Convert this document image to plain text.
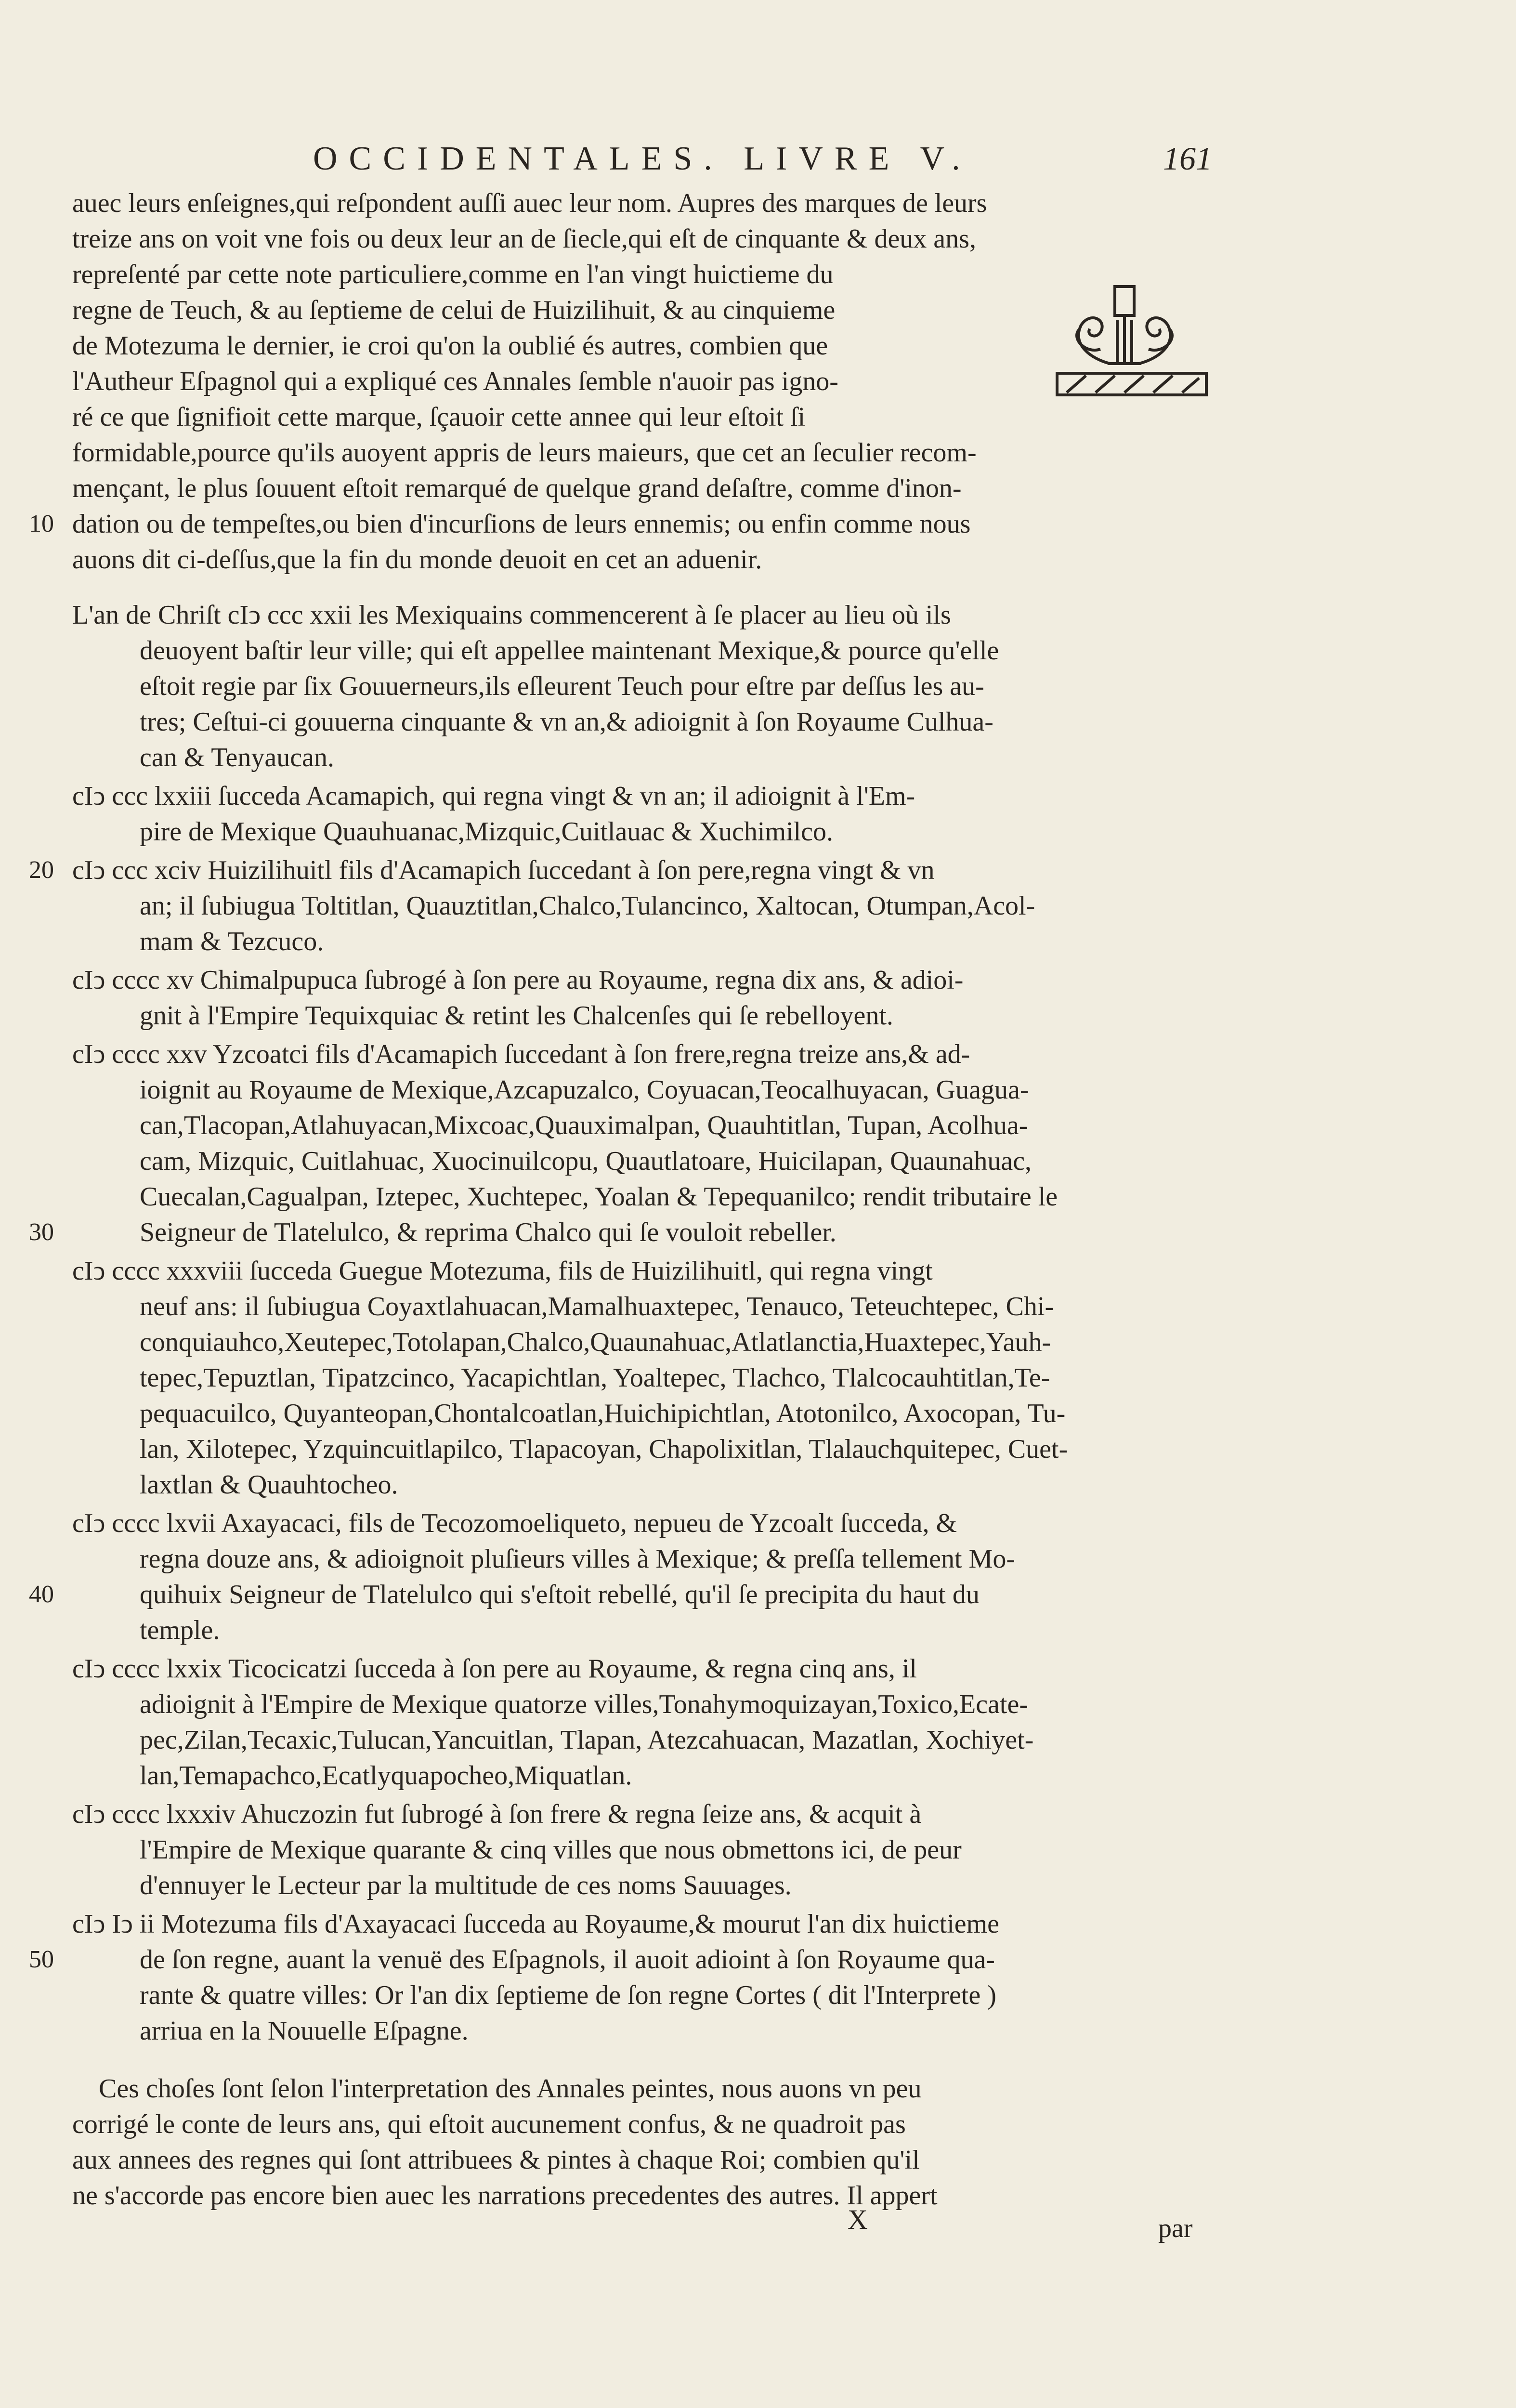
OCCIDENTALES. LIVRE V.	161
auec leurs enſeignes,qui reſpondent auſſi auec leur nom. Aupres des marques de leurs
treize ans on voit vne fois ou deux leur an de ſiecle,qui eſt de cinquante & deux ans,
repreſenté par cette note particuliere,comme en l'an vingt huictieme du
regne de Teuch, & au ſeptieme de celui de Huizilihuit, & au cinquieme
de Motezuma le dernier, ie croi qu'on la oublié és autres, combien que
l'Autheur Eſpagnol qui a expliqué ces Annales ſemble n'auoir pas igno-
ré ce que ſignifioit cette marque, ſçauoir cette annee qui leur eſtoit ſi
formidable,pource qu'ils auoyent appris de leurs maieurs, que cet an ſeculier recom-
mençant, le plus ſouuent eſtoit remarqué de quelque grand deſaſtre, comme d'inon-
dation ou de tempeſtes,ou bien d'incurſions de leurs ennemis; ou enfin comme nous
auons dit ci-deſſus,que la fin du monde deuoit en cet an aduenir.
L'an de Chriſt cIↄ ccc xxii les Mexiquains commencerent à ſe placer au lieu où ils
deuoyent baſtir leur ville; qui eſt appellee maintenant Mexique,& pource qu'elle
eſtoit regie par ſix Gouuerneurs,ils eſleurent Teuch pour eſtre par deſſus les au-
tres; Ceſtui-ci gouuerna cinquante & vn an,& adioignit à ſon Royaume Culhua-
can & Tenyaucan.
cIↄ ccc lxxiii ſucceda Acamapich, qui regna vingt & vn an; il adioignit à l'Em-
pire de Mexique Quauhuanac,Mizquic,Cuitlauac & Xuchimilco.
cIↄ ccc xciv Huizilihuitl fils d'Acamapich ſuccedant à ſon pere,regna vingt & vn
an; il ſubiugua Toltitlan, Quauztitlan,Chalco,Tulancinco, Xaltocan, Otumpan,Acol-
mam & Tezcuco.
cIↄ cccc xv Chimalpupuca ſubrogé à ſon pere au Royaume, regna dix ans, & adioi-
gnit à l'Empire Tequixquiac & retint les Chalcenſes qui ſe rebelloyent.
cIↄ cccc xxv Yzcoatci fils d'Acamapich ſuccedant à ſon frere,regna treize ans,& ad-
ioignit au Royaume de Mexique,Azcapuzalco, Coyuacan,Teocalhuyacan, Guagua-
can,Tlacopan,Atlahuyacan,Mixcoac,Quauximalpan, Quauhtitlan, Tupan, Acolhua-
cam, Mizquic, Cuitlahuac, Xuocinuilcopu, Quautlatoare, Huicilapan, Quaunahuac,
Cuecalan,Cagualpan, Iztepec, Xuchtepec, Yoalan & Tepequanilco; rendit tributaire le
Seigneur de Tlatelulco, & reprima Chalco qui ſe vouloit rebeller.
cIↄ cccc xxxviii ſucceda Guegue Motezuma, fils de Huizilihuitl, qui regna vingt
neuf ans: il ſubiugua Coyaxtlahuacan,Mamalhuaxtepec, Tenauco, Teteuchtepec, Chi-
conquiauhco,Xeutepec,Totolapan,Chalco,Quaunahuac,Atlatlanctia,Huaxtepec,Yauh-
tepec,Tepuztlan, Tipatzcinco, Yacapichtlan, Yoaltepec, Tlachco, Tlalcocauhtitlan,Te-
pequacuilco, Quyanteopan,Chontalcoatlan,Huichipichtlan, Atotonilco, Axocopan, Tu-
lan, Xilotepec, Yzquincuitlapilco, Tlapacoyan, Chapolixitlan, Tlalauchquitepec, Cuet-
laxtlan & Quauhtocheo.
cIↄ cccc lxvii Axayacaci, fils de Tecozomoeliqueto, nepueu de Yzcoalt ſucceda, &
regna douze ans, & adioignoit pluſieurs villes à Mexique; & preſſa tellement Mo-
quihuix Seigneur de Tlatelulco qui s'eſtoit rebellé, qu'il ſe precipita du haut du
temple.
cIↄ cccc lxxix Ticocicatzi ſucceda à ſon pere au Royaume, & regna cinq ans, il
adioignit à l'Empire de Mexique quatorze villes,Tonahymoquizayan,Toxico,Ecate-
pec,Zilan,Tecaxic,Tulucan,Yancuitlan, Tlapan, Atezcahuacan, Mazatlan, Xochiyet-
lan,Temapachco,Ecatlyquapocheo,Miquatlan.
cIↄ cccc lxxxiv Ahuczozin fut ſubrogé à ſon frere & regna ſeize ans, & acquit à
l'Empire de Mexique quarante & cinq villes que nous obmettons ici, de peur
d'ennuyer le Lecteur par la multitude de ces noms Sauuages.
cIↄ Iↄ ii Motezuma fils d'Axayacaci ſucceda au Royaume,& mourut l'an dix huictieme
de ſon regne, auant la venuë des Eſpagnols, il auoit adioint à ſon Royaume qua-
rante & quatre villes: Or l'an dix ſeptieme de ſon regne Cortes ( dit l'Interprete )
arriua en la Nouuelle Eſpagne.
Ces choſes ſont ſelon l'interpretation des Annales peintes, nous auons vn peu
corrigé le conte de leurs ans, qui eſtoit aucunement confus, & ne quadroit pas
aux annees des regnes qui ſont attribuees & pintes à chaque Roi; combien qu'il
ne s'accorde pas encore bien auec les narrations precedentes des autres. Il appert
10
20
30
40
50
X	par
